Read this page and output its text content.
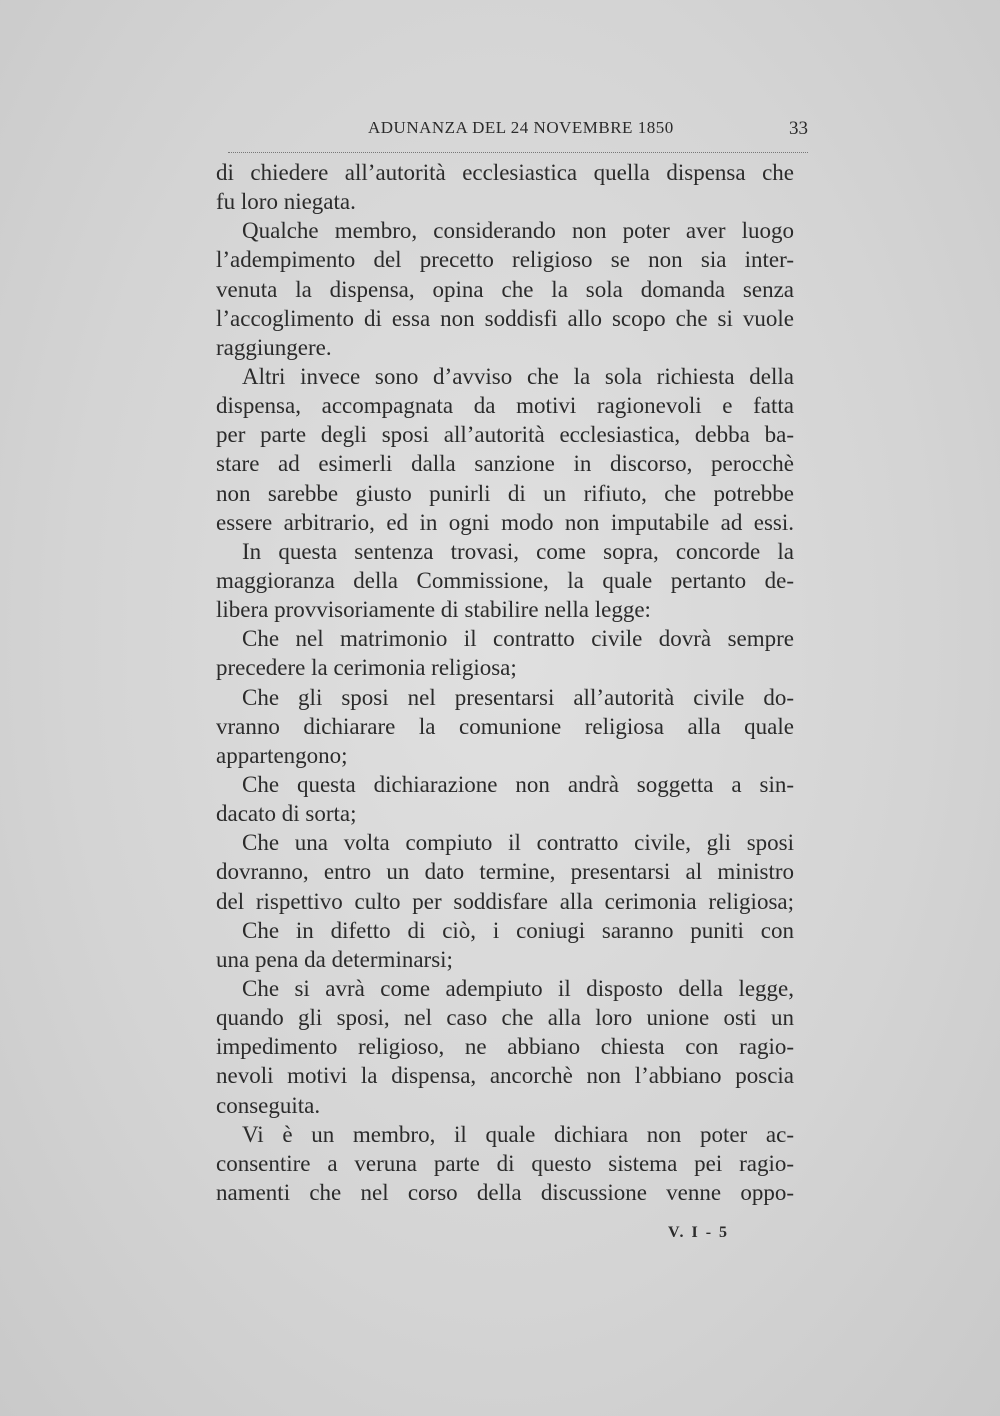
ADUNANZA DEL 24 NOVEMBRE 1850	33
di chiedere all’autorità ecclesiastica quella dispensa che
fu loro niegata.
Qualche membro, considerando non poter aver luogo
l’adempimento del precetto religioso se non sia inter-
venuta la dispensa, opina che la sola domanda senza
l’accoglimento di essa non soddisfi allo scopo che si vuole
raggiungere.
Altri invece sono d’avviso che la sola richiesta della
dispensa, accompagnata da motivi ragionevoli e fatta
per parte degli sposi all’autorità ecclesiastica, debba ba-
stare ad esimerli dalla sanzione in discorso, perocchè
non sarebbe giusto punirli di un rifiuto, che potrebbe
essere arbitrario, ed in ogni modo non imputabile ad essi.
In questa sentenza trovasi, come sopra, concorde la
maggioranza della Commissione, la quale pertanto de-
libera provvisoriamente di stabilire nella legge:
Che nel matrimonio il contratto civile dovrà sempre
precedere la cerimonia religiosa;
Che gli sposi nel presentarsi all’autorità civile do-
vranno dichiarare la comunione religiosa alla quale
appartengono;
Che questa dichiarazione non andrà soggetta a sin-
dacato di sorta;
Che una volta compiuto il contratto civile, gli sposi
dovranno, entro un dato termine, presentarsi al ministro
del rispettivo culto per soddisfare alla cerimonia religiosa;
Che in difetto di ciò, i coniugi saranno puniti con
una pena da determinarsi;
Che si avrà come adempiuto il disposto della legge,
quando gli sposi, nel caso che alla loro unione osti un
impedimento religioso, ne abbiano chiesta con ragio-
nevoli motivi la dispensa, ancorchè non l’abbiano poscia
conseguita.
Vi è un membro, il quale dichiara non poter ac-
consentire a veruna parte di questo sistema pei ragio-
namenti che nel corso della discussione venne oppo-
V. I - 5
